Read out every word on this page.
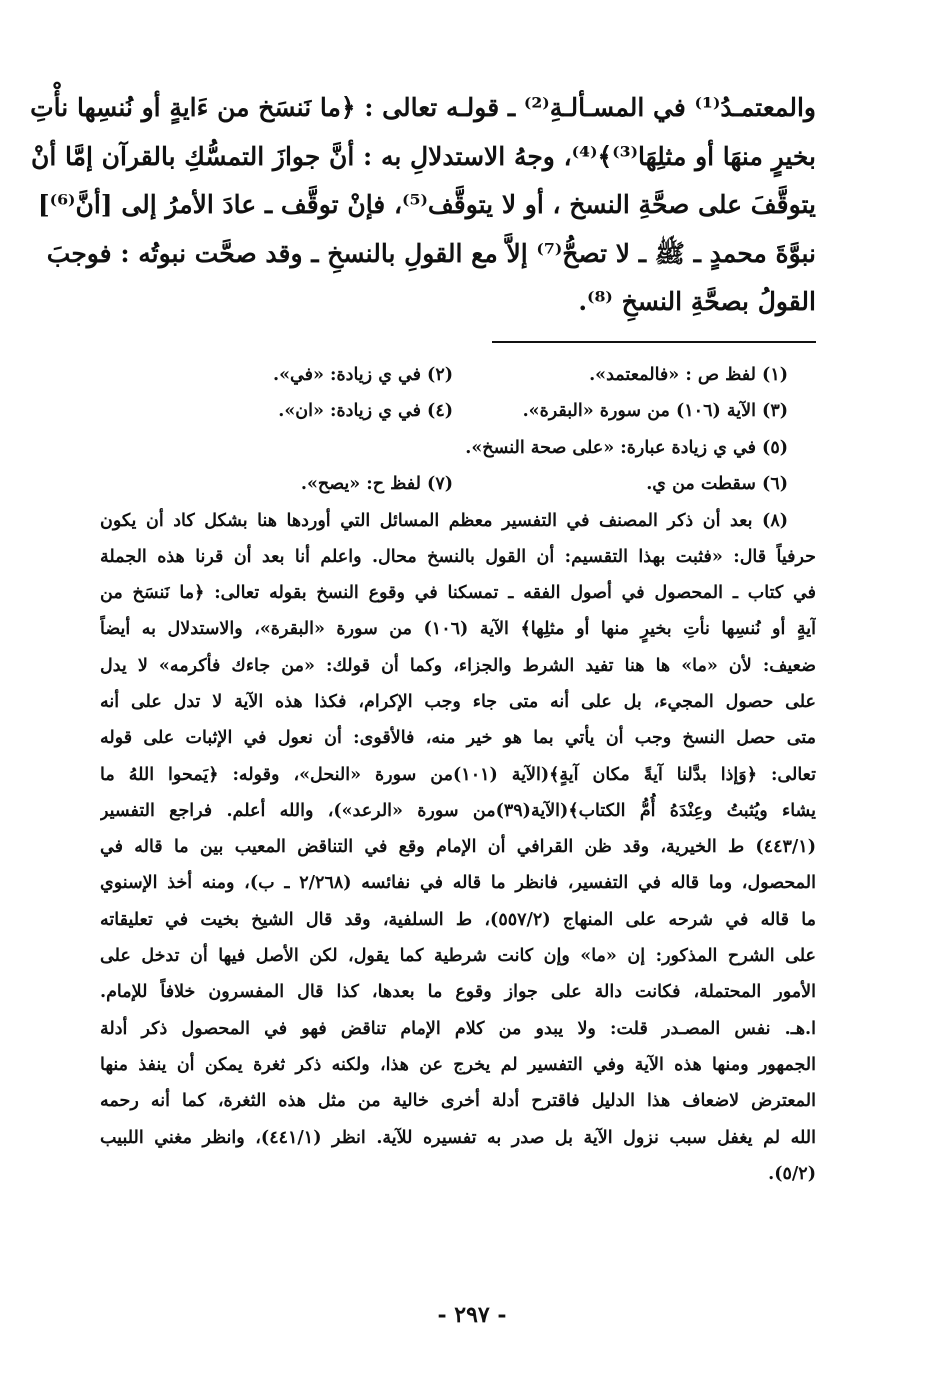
والمعتمـدُ⁽¹⁾ في المسـألـةِ⁽²⁾ ـ قولـه تعالى : ﴿ما نَنسَخ من ءَايةٍ أو نُنسِها نأْتِ
بخيرٍ منهَا أو مثلِهَا⁽³⁾﴾⁽⁴⁾، وجهُ الاستدلالِ به : أنَّ جوازَ التمسُّكِ بالقرآن إمَّا أنْ
يتوقَّفَ على صحَّةِ النسخ ، أو لا يتوقَّف⁽⁵⁾، فإنْ توقَّف ـ عادَ الأمرُ إلى [أنَّ⁽⁶⁾]
نبوَّةَ محمدٍ ـ ﷺ ـ لا تصحُّ⁽⁷⁾ إلاَّ مع القولِ بالنسخِ ـ وقد صحَّت نبوتُه : فوجبَ
القولُ بصحَّةِ النسخِ ⁽⁸⁾.
(١) لفظ ص : «فالمعتمد».
(٢) في ي زيادة: «في».
(٣) الآية (١٠٦) من سورة «البقرة».
(٤) في ي زيادة: «ان».
(٥) في ي زيادة عبارة: «على صحة النسخ».
(٦) سقطت من ي.
(٧) لفظ ح: «يصح».
(٨) بعد أن ذكر المصنف في التفسير معظم المسائل التي أوردها هنا بشكل كاد أن يكون
حرفياً قال: «فثبت بهذا التقسيم: أن القول بالنسخ محال. واعلم أنا بعد أن قرنا هذه الجملة
في كتاب ـ المحصول في أصول الفقه ـ تمسكنا في وقوع النسخ بقوله تعالى: ﴿ما نَنسَخ من
آيةٍ أو نُنسِها نأتِ بخيرٍ منها أو مثلِها﴾ الآية (١٠٦) من سورة «البقرة»، والاستدلال به أيضاً
ضعيف: لأن «ما» ها هنا تفيد الشرط والجزاء، وكما أن قولك: «من جاءك فأكرمه» لا يدل
على حصول المجيء، بل على أنه متى جاء وجب الإكرام، فكذا هذه الآية لا تدل على أنه
متى حصل النسخ وجب أن يأتي بما هو خير منه، فالأقوى: أن نعول في الإثبات على قوله
تعالى: ﴿وَإذا بدَّلنا آيةً مكان آيةٍ﴾(الآية (١٠١)من سورة «النحل»، وقوله: ﴿يَمحوا اللهُ ما
يشاء ويُثبتُ وعِنْدَهُ أُمُّ الكتاب﴾(الآية(٣٩)من سورة «الرعد»)، والله أعلم. فراجع التفسير
(٤٤٣/١) ط الخيرية، وقد ظن القرافي أن الإمام وقع في التناقض المعيب بين ما قاله في
المحصول، وما قاله في التفسير، فانظر ما قاله في نفائسه (٢/٢٦٨ ـ ب)، ومنه أخذ الإسنوي
ما قاله في شرحه على المنهاج (٥٥٧/٢)، ط السلفية، وقد قال الشيخ بخيت في تعليقاته
على الشرح المذكور: إن «ما» وإن كانت شرطية كما يقول، لكن الأصل فيها أن تدخل على
الأمور المحتملة، فكانت دالة على جواز وقوع ما بعدها، كذا قال المفسرون خلافاً للإمام.
ا.هـ. نفس المصـدر قلت: ولا يبدو من كلام الإمام تناقض فهو في المحصول ذكر أدلة
الجمهور ومنها هذه الآية وفي التفسير لم يخرج عن هذا، ولكنه ذكر ثغرة يمكن أن ينفذ منها
المعترض لاضعاف هذا الدليل فاقترح أدلة أخرى خالية من مثل هذه الثغرة، كما أنه رحمه
الله لم يغفل سبب نزول الآية بل صدر به تفسيره للآية. انظر (٤٤١/١)، وانظر مغني اللبيب
(٥/٢).
- ٢٩٧ -
